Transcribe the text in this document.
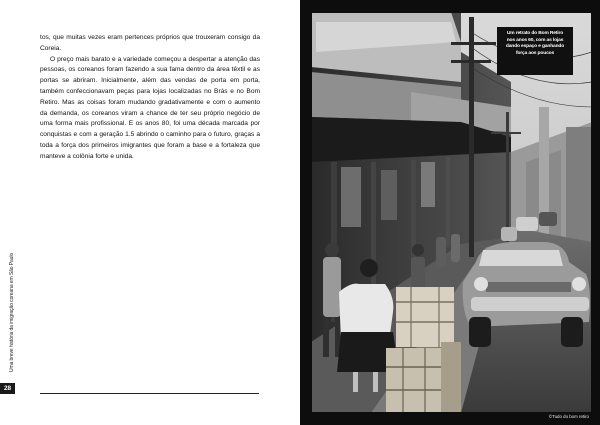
tos, que muitas vezes eram pertences próprios que trouxeram consigo da Coreia.

O preço mais barato e a variedade começou a despertar a atenção das pessoas, os coreanos foram fazendo a sua fama dentro da área têxtil e as portas se abriram. Inicialmente, além das vendas de porta em porta, também confeccionavam peças para lojas localizadas no Brás e no Bom Retiro. Mas as coisas foram mudando gradativamente e com o aumento da demanda, os coreanos viram a chance de ter seu próprio negócio de uma forma mais profissional. E os anos 80, foi uma década marcada por conquistas e com a geração 1.5 abrindo o caminho para o futuro, graças a toda a força dos primeiros imigrantes que foram a base e a fortaleza que manteve a colônia forte e unida.

Uma breve história da imigração coreana em São Paulo
28
©Tudo do bom retiro
Um retrato do Bom Retiro nos anos 60, com as lojas dando espaço e ganhando força aos poucos
